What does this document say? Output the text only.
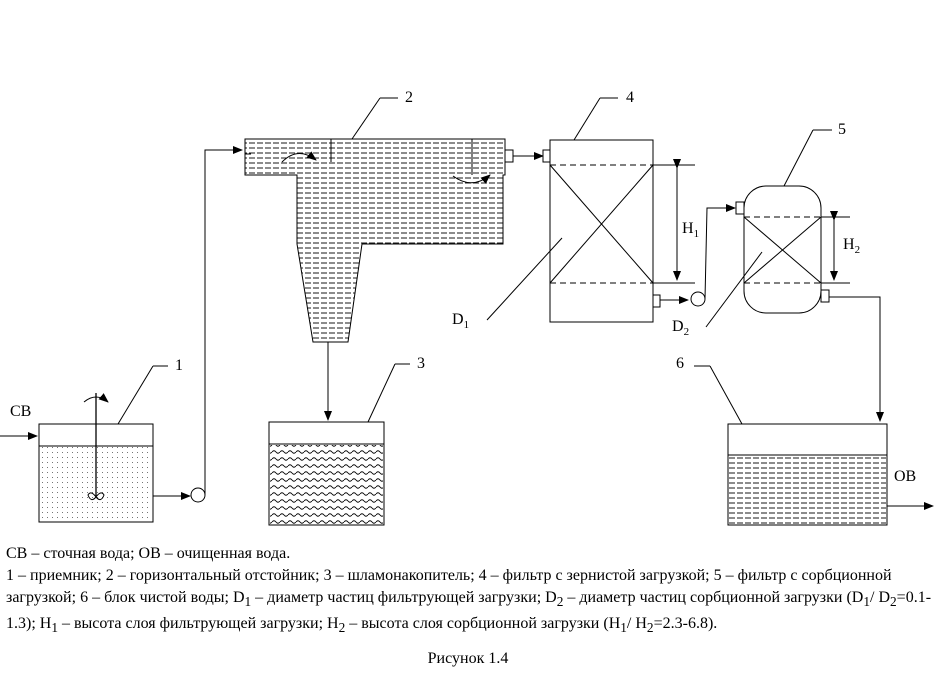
СВ
1
2
3
4
$H_1$
$D_1$
5
$H_2$
$D_2$
6
ОВ

СВ – сточная вода; ОВ – очищенная вода.

1 – приемник; 2 – горизонтальный отстойник; 3 – шламонакопитель; 4 – фильтр с зернистой загрузкой; 5 – фильтр с сорбционной загрузкой; 6 – блок чистой воды; $D_1$ – диаметр частиц фильтрующей загрузки; $D_2$ – диаметр частиц сорбционной загрузки ($D_1/$ $D_2=0.1-1.3$); $H_1$ – высота слоя фильтрующей загрузки; $H_2$ – высота слоя сорбционной загрузки ($H_1/$ $H_2=2.3-6.8$).

Рисунок 1.4
